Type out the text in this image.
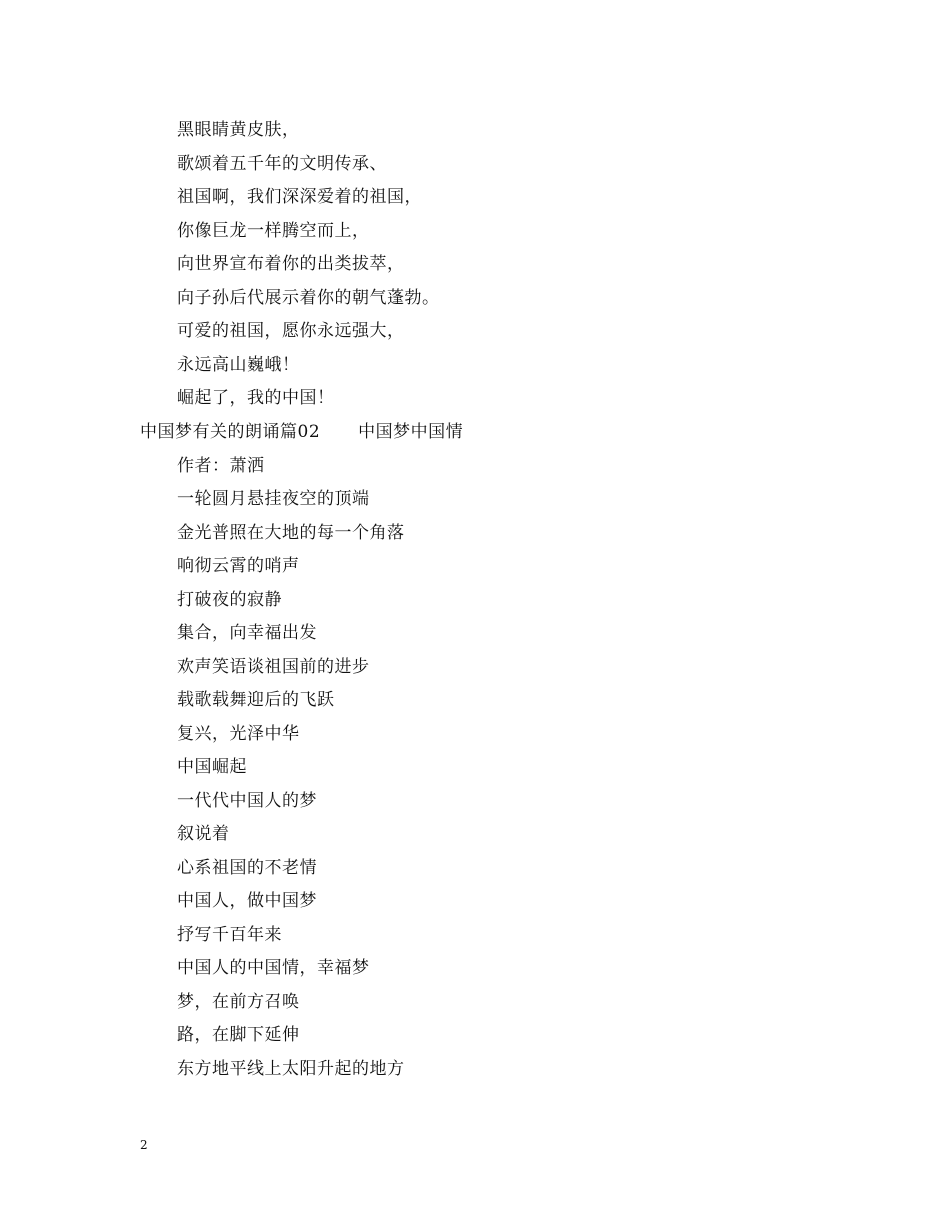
黑眼睛黄皮肤，
歌颂着五千年的文明传承、
祖国啊，我们深深爱着的祖国，
你像巨龙一样腾空而上，
向世界宣布着你的出类拔萃，
向子孙后代展示着你的朝气蓬勃。
可爱的祖国，愿你永远强大，
永远高山巍峨！
崛起了，我的中国！
中国梦有关的朗诵篇02 中国梦中国情
作者：萧洒
一轮圆月悬挂夜空的顶端
金光普照在大地的每一个角落
响彻云霄的哨声
打破夜的寂静
集合，向幸福出发
欢声笑语谈祖国前的进步
载歌载舞迎后的飞跃
复兴，光泽中华
中国崛起
一代代中国人的梦
叙说着
心系祖国的不老情
中国人，做中国梦
抒写千百年来
中国人的中国情，幸福梦
梦，在前方召唤
路，在脚下延伸
东方地平线上太阳升起的地方
2
